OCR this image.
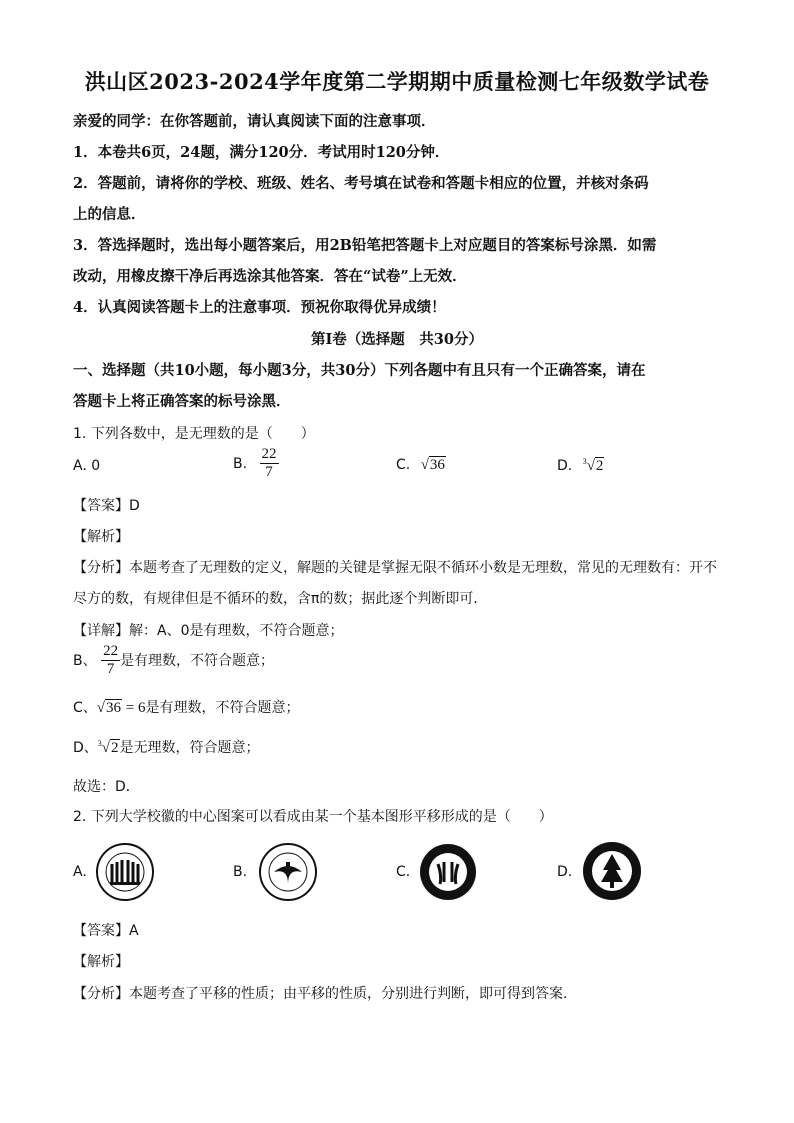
洪山区2023-2024学年度第二学期期中质量检测七年级数学试卷
亲爱的同学：在你答题前，请认真阅读下面的注意事项．
1．本卷共6页，24题，满分120分．考试用时120分钟．
2．答题前，请将你的学校、班级、姓名、考号填在试卷和答题卡相应的位置，并核对条码
上的信息．
3．答选择题时，选出每小题答案后，用2B铅笔把答题卡上对应题目的答案标号涂黑．如需
改动，用橡皮擦干净后再选涂其他答案．答在“试卷”上无效．
4．认真阅读答题卡上的注意事项．预祝你取得优异成绩！
第Ⅰ卷（选择题　共30分）
一、选择题（共10小题，每小题3分，共30分）下列各题中有且只有一个正确答案，请在
答题卡上将正确答案的标号涂黑．
1. 下列各数中，是无理数的是（　　）
A. 0	B. $\frac{22}{7}$	C. √36	D. $^3$√2
【答案】D
【解析】
【分析】本题考查了无理数的定义，解题的关键是掌握无限不循环小数是无理数，常见的无理数有：开不
尽方的数，有规律但是不循环的数，含π的数；据此逐个判断即可．
【详解】解：A、0是有理数，不符合题意；
B、 $\frac{22}{7}$ 是有理数，不符合题意；
C、√36 = 6是有理数，不符合题意；
D、$^3$√2是无理数，符合题意；
故选：D．
2. 下列大学校徽的中心图案可以看成由某一个基本图形平移形成的是（　　）
A.	B.	C.	D.
【答案】A
【解析】
【分析】本题考查了平移的性质；由平移的性质，分别进行判断，即可得到答案．
